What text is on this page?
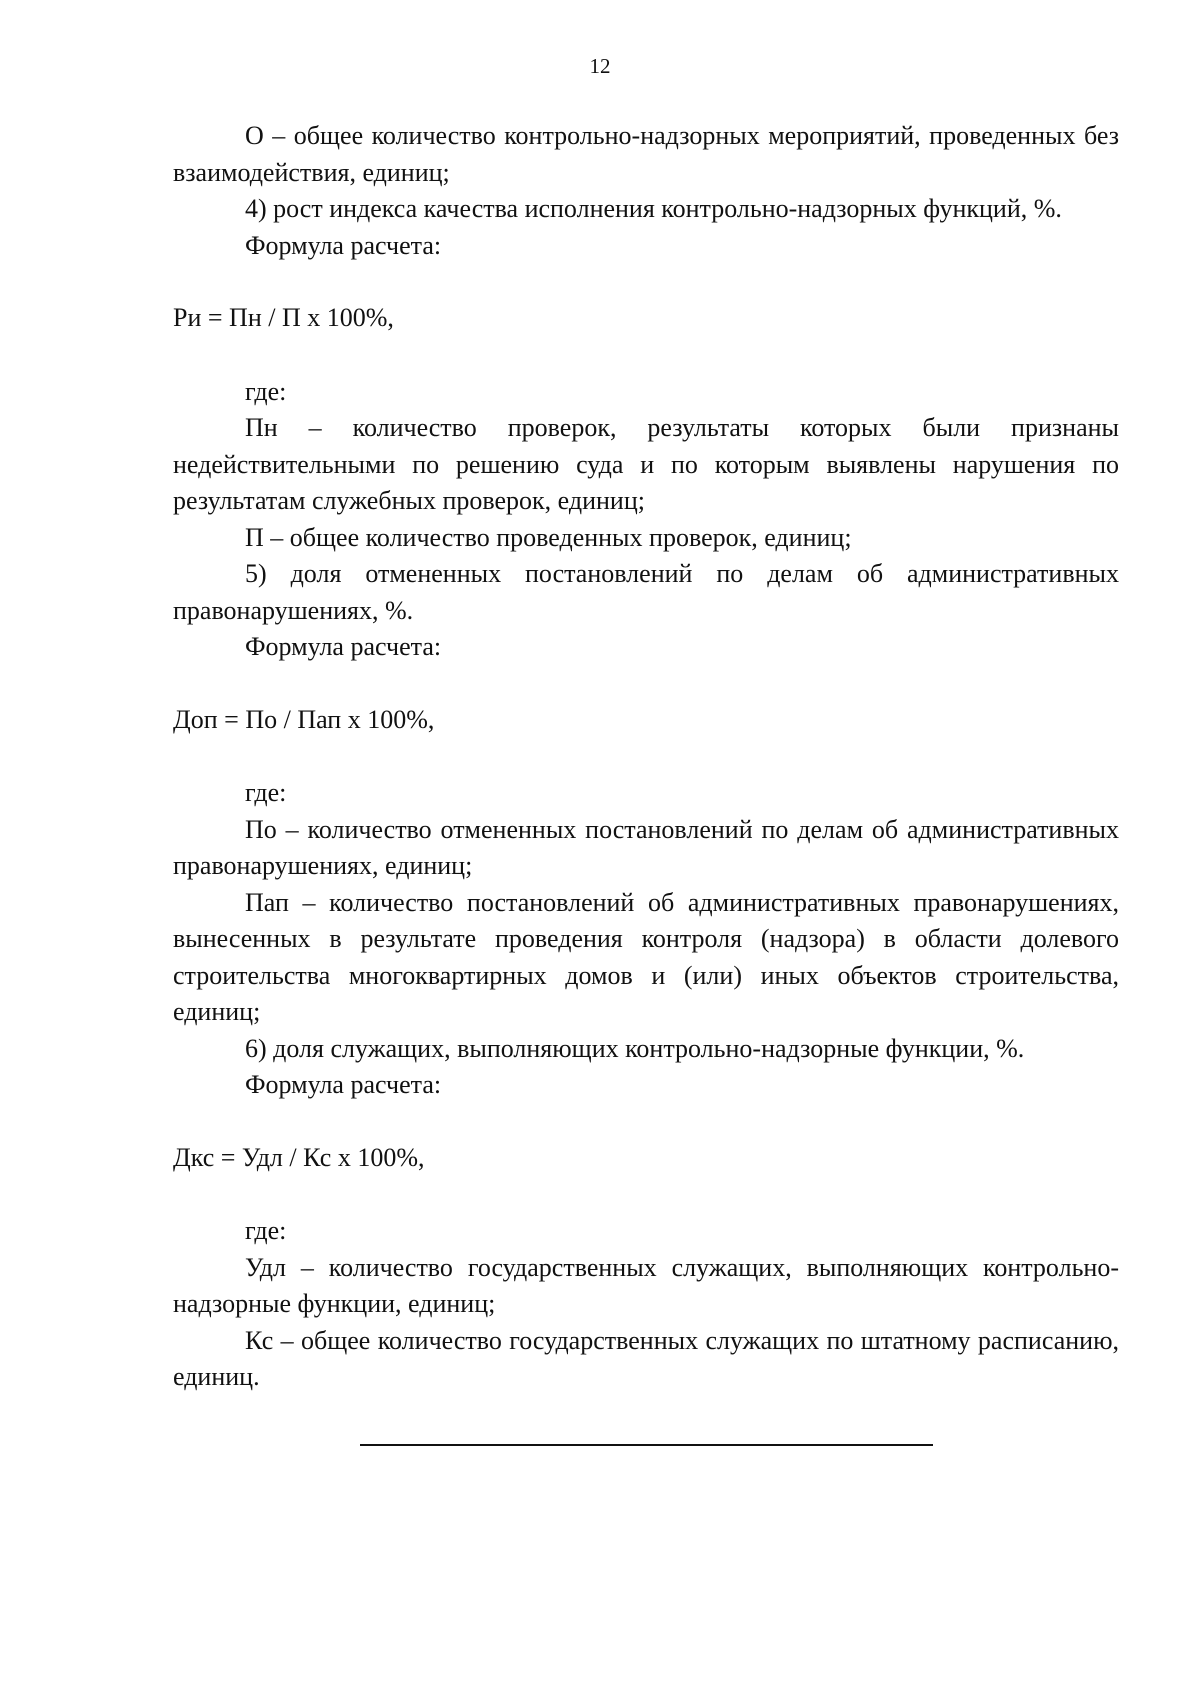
12

О – общее количество контрольно-надзорных мероприятий, проведенных без взаимодействия, единиц;

4) рост индекса качества исполнения контрольно-надзорных функций, %.

Формула расчета:

Ри = Пн / П х 100%,

где:

Пн – количество проверок, результаты которых были признаны недействительными по решению суда и по которым выявлены нарушения по результатам служебных проверок, единиц;

П – общее количество проведенных проверок, единиц;

5) доля отмененных постановлений по делам об административных правонарушениях, %.

Формула расчета:

Доп = По / Пап х 100%,

где:

По – количество отмененных постановлений по делам об административных правонарушениях, единиц;

Пап – количество постановлений об административных правонарушениях, вынесенных в результате проведения контроля (надзора) в области долевого строительства многоквартирных домов и (или) иных объектов строительства, единиц;

6) доля служащих, выполняющих контрольно-надзорные функции, %.

Формула расчета:

Дкс = Удл / Кс х 100%,

где:

Удл – количество государственных служащих, выполняющих контрольно-надзорные функции, единиц;

Кс – общее количество государственных служащих по штатному расписанию, единиц.
